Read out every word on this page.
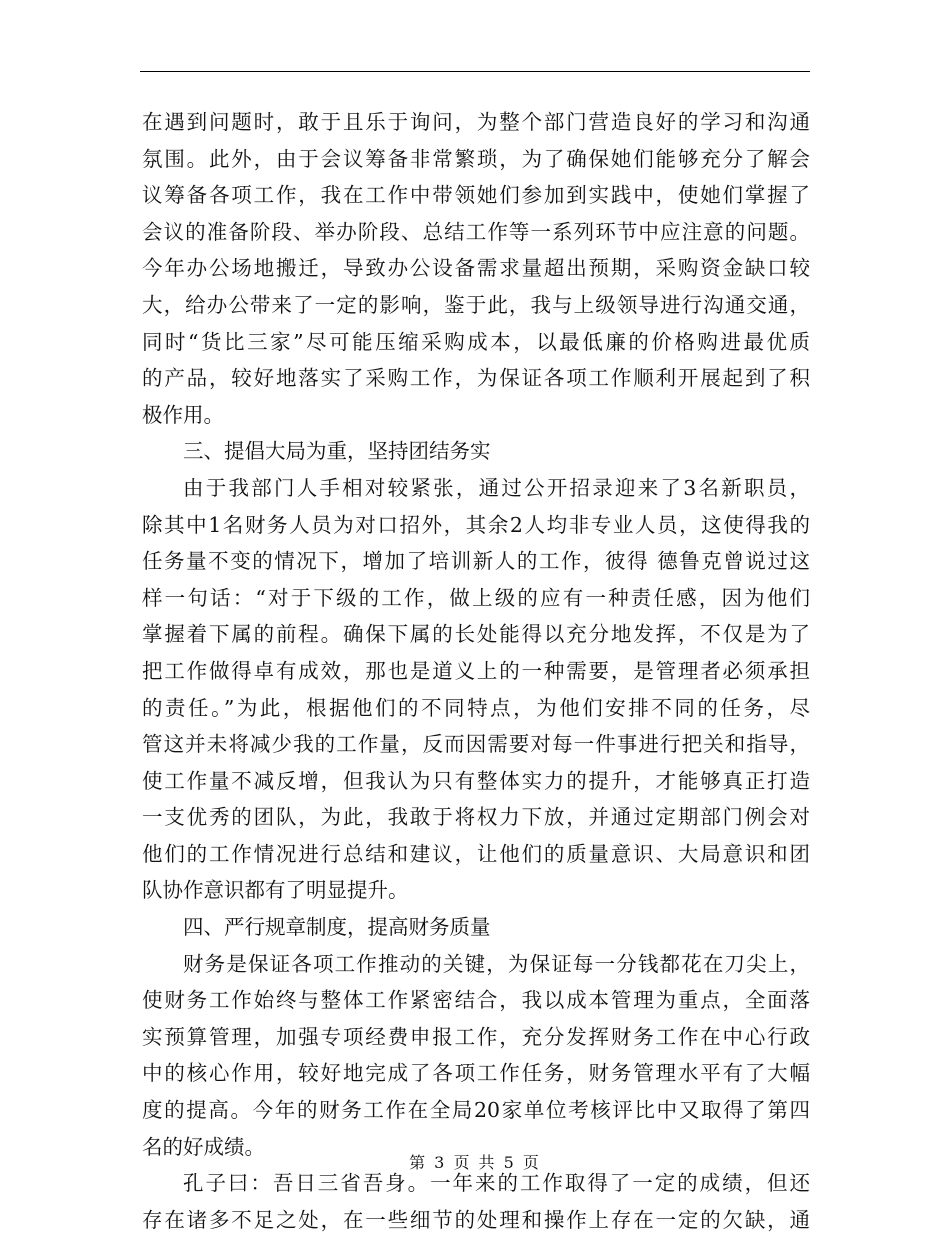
在遇到问题时，敢于且乐于询问，为整个部门营造良好的学习和沟通
氛围。此外，由于会议筹备非常繁琐，为了确保她们能够充分了解会
议筹备各项工作，我在工作中带领她们参加到实践中，使她们掌握了
会议的准备阶段、举办阶段、总结工作等一系列环节中应注意的问题。
今年办公场地搬迁，导致办公设备需求量超出预期，采购资金缺口较
大，给办公带来了一定的影响，鉴于此，我与上级领导进行沟通交通，
同时“货比三家”尽可能压缩采购成本，以最低廉的价格购进最优质
的产品，较好地落实了采购工作，为保证各项工作顺利开展起到了积
极作用。
三、提倡大局为重，坚持团结务实
由于我部门人手相对较紧张，通过公开招录迎来了3名新职员，
除其中1名财务人员为对口招外，其余2人均非专业人员，这使得我的
任务量不变的情况下，增加了培训新人的工作，彼得 德鲁克曾说过这
样一句话：“对于下级的工作，做上级的应有一种责任感，因为他们
掌握着下属的前程。确保下属的长处能得以充分地发挥，不仅是为了
把工作做得卓有成效，那也是道义上的一种需要，是管理者必须承担
的责任。”为此，根据他们的不同特点，为他们安排不同的任务，尽
管这并未将减少我的工作量，反而因需要对每一件事进行把关和指导，
使工作量不减反增，但我认为只有整体实力的提升，才能够真正打造
一支优秀的团队，为此，我敢于将权力下放，并通过定期部门例会对
他们的工作情况进行总结和建议，让他们的质量意识、大局意识和团
队协作意识都有了明显提升。
四、严行规章制度，提高财务质量
财务是保证各项工作推动的关键，为保证每一分钱都花在刀尖上，
使财务工作始终与整体工作紧密结合，我以成本管理为重点，全面落
实预算管理，加强专项经费申报工作，充分发挥财务工作在中心行政
中的核心作用，较好地完成了各项工作任务，财务管理水平有了大幅
度的提高。今年的财务工作在全局20家单位考核评比中又取得了第四
名的好成绩。
孔子曰：吾日三省吾身。一年来的工作取得了一定的成绩，但还
存在诸多不足之处，在一些细节的处理和操作上存在一定的欠缺，通
第 3 页 共 5 页
